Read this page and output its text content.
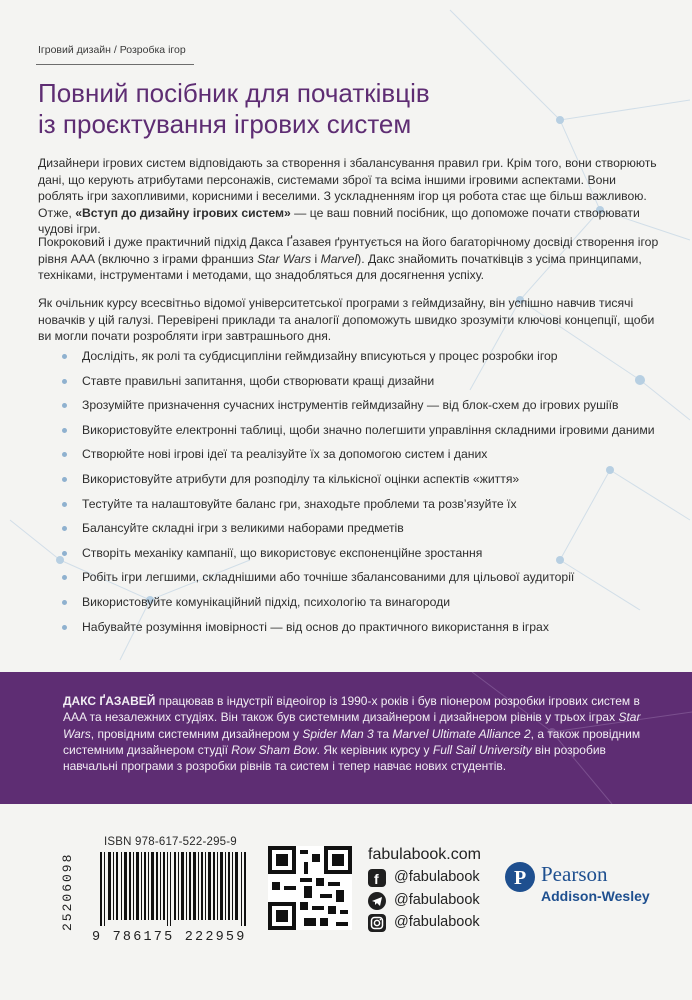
Ігровий дизайн / Розробка ігор
Повний посібник для початківців
із проєктування ігрових систем

Дизайнери ігрових систем відповідають за створення і збалансування правил гри. Крім того, вони створюють дані, що керують атрибутами персонажів, системами зброї та всіма іншими ігровими аспектами. Вони роблять ігри захопливими, корисними і веселими. З ускладненням ігор ця робота стає ще більш важливою. Отже, «Вступ до дизайну ігрових систем» — це ваш повний посібник, що допоможе почати створювати чудові ігри.

Покроковий і дуже практичний підхід Дакса Ґазавея ґрунтується на його багаторічному досвіді створення ігор рівня AAA (включно з іграми франшиз Star Wars і Marvel). Дакс знайомить початківців з усіма принципами, техніками, інструментами і методами, що знадобляться для досягнення успіху.

Як очільник курсу всесвітньо відомої університетської програми з геймдизайну, він успішно навчив тисячі новачків у цій галузі. Перевірені приклади та аналогії допоможуть швидко зрозуміти ключові концепції, щоби ви могли почати розробляти ігри завтрашнього дня.

Дослідіть, як ролі та субдисципліни геймдизайну вписуються у процес розробки ігор
Ставте правильні запитання, щоби створювати кращі дизайни
Зрозумійте призначення сучасних інструментів геймдизайну — від блок-схем до ігрових рушіїв
Використовуйте електронні таблиці, щоби значно полегшити управління складними ігровими даними
Створюйте нові ігрові ідеї та реалізуйте їх за допомогою систем і даних
Використовуйте атрибути для розподілу та кількісної оцінки аспектів «життя»
Тестуйте та налаштовуйте баланс гри, знаходьте проблеми та розв’язуйте їх
Балансуйте складні ігри з великими наборами предметів
Створіть механіку кампанії, що використовує експоненційне зростання
Робіть ігри легшими, складнішими або точніше збалансованими для цільової аудиторії
Використовуйте комунікаційний підхід, психологію та винагороди
Набувайте розуміння імовірності — від основ до практичного використання в іграх

ДАКС ҐАЗАВЕЙ працював в індустрії відеоігор із 1990-х років і був піонером розробки ігрових систем в AAA та незалежних студіях. Він також був системним дизайнером і дизайнером рівнів у трьох іграх Star Wars, провідним системним дизайнером у Spider Man 3 та Marvel Ultimate Alliance 2, а також провідним системним дизайнером студії Row Sham Bow. Як керівник курсу у Full Sail University він розробив навчальні програми з розробки рівнів та систем і тепер навчає нових студентів.

ISBN 978-617-522-295-9
25206098
9 786175 222959
fabulabook.com
f @fabulabook
@fabulabook
@fabulabook
P Pearson
Addison-Wesley
